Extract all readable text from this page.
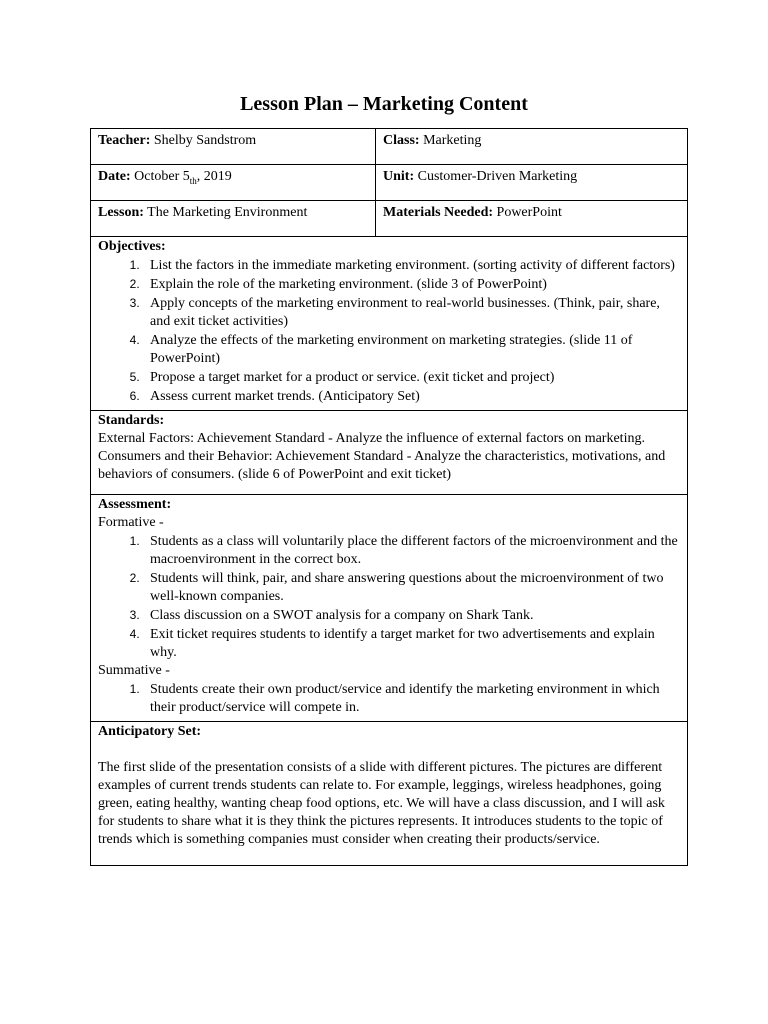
Lesson Plan – Marketing Content
Teacher: Shelby Sandstrom	Class: Marketing
Date: October $5_{th}$, 2019	Unit: Customer-Driven Marketing
Lesson: The Marketing Environment	Materials Needed: PowerPoint
Objectives:
1. List the factors in the immediate marketing environment. (sorting activity of different factors)
2. Explain the role of the marketing environment. (slide 3 of PowerPoint)
3. Apply concepts of the marketing environment to real-world businesses. (Think, pair, share, and exit ticket activities)
4. Analyze the effects of the marketing environment on marketing strategies. (slide 11 of PowerPoint)
5. Propose a target market for a product or service. (exit ticket and project)
6. Assess current market trends. (Anticipatory Set)
Standards:

External Factors: Achievement Standard - Analyze the influence of external factors on marketing.

Consumers and their Behavior: Achievement Standard - Analyze the characteristics, motivations, and behaviors of consumers. (slide 6 of PowerPoint and exit ticket)

Assessment:

Formative -

1. Students as a class will voluntarily place the different factors of the microenvironment and the macroenvironment in the correct box.
2. Students will think, pair, and share answering questions about the microenvironment of two well-known companies.
3. Class discussion on a SWOT analysis for a company on Shark Tank.
4. Exit ticket requires students to identify a target market for two advertisements and explain why.

Summative -

1. Students create their own product/service and identify the marketing environment in which their product/service will compete in.
Anticipatory Set:

The first slide of the presentation consists of a slide with different pictures. The pictures are different examples of current trends students can relate to. For example, leggings, wireless headphones, going green, eating healthy, wanting cheap food options, etc. We will have a class discussion, and I will ask for students to share what it is they think the pictures represents. It introduces students to the topic of trends which is something companies must consider when creating their products/service.
